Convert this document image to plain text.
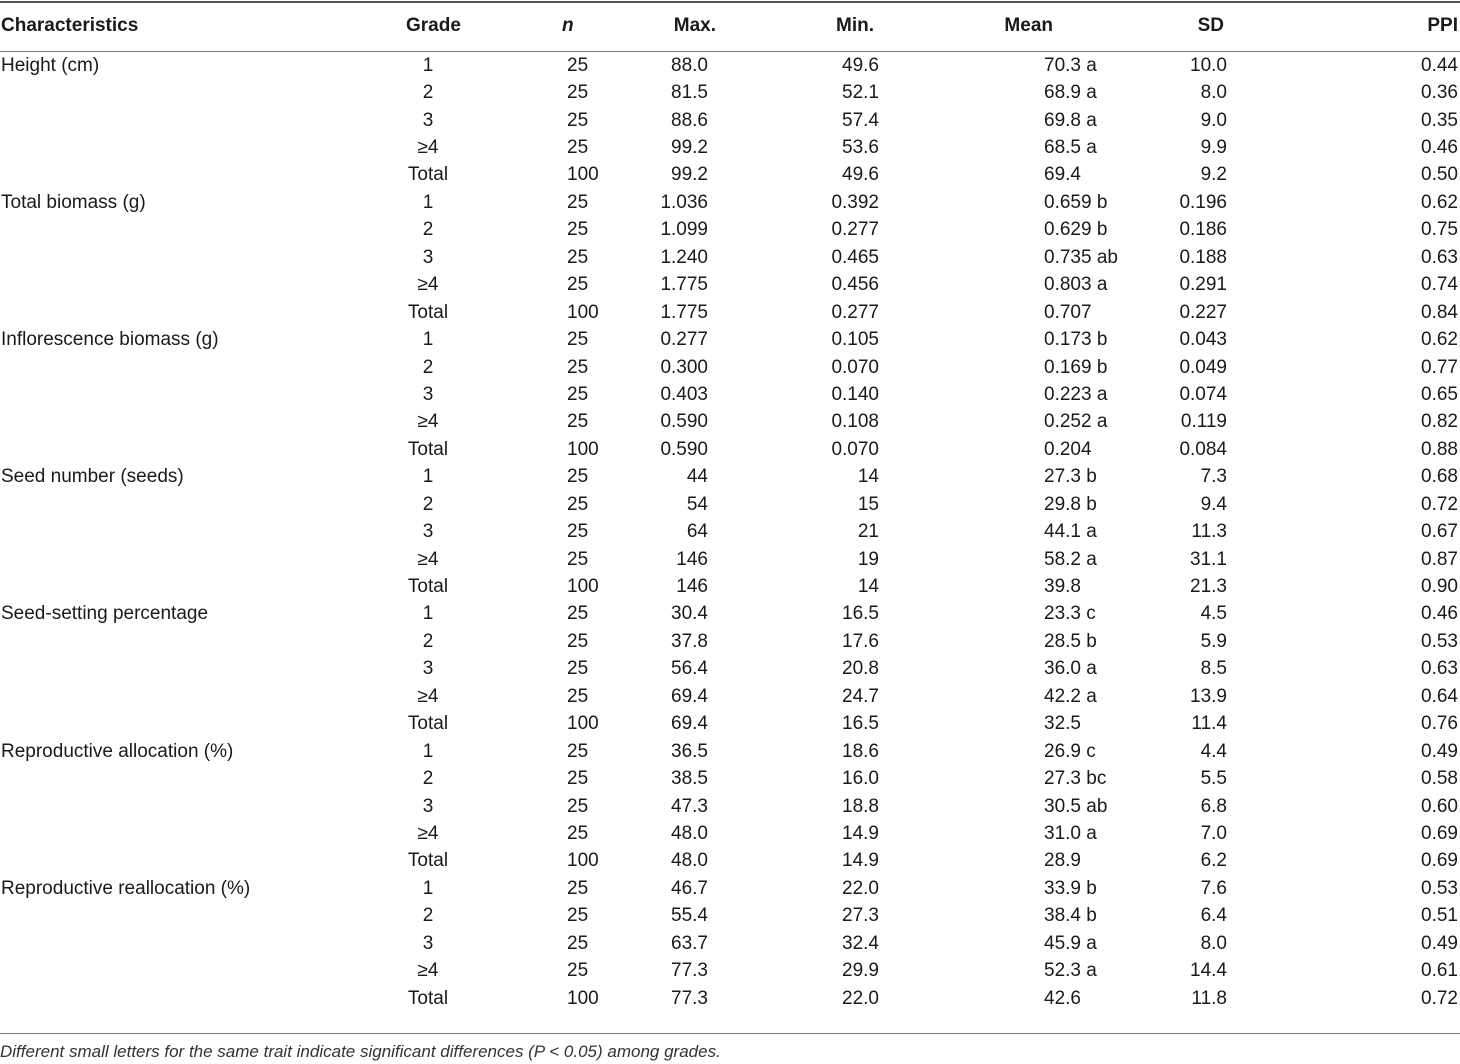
Characteristics	Grade	n	Max.	Min.	Mean	SD	PPI
Height (cm)	1	25	88.0	49.6	70.3 a	10.0	0.44
	2	25	81.5	52.1	68.9 a	8.0	0.36
	3	25	88.6	57.4	69.8 a	9.0	0.35
	≥4	25	99.2	53.6	68.5 a	9.9	0.46
	Total	100	99.2	49.6	69.4	9.2	0.50
Total biomass (g)	1	25	1.036	0.392	0.659 b	0.196	0.62
	2	25	1.099	0.277	0.629 b	0.186	0.75
	3	25	1.240	0.465	0.735 ab	0.188	0.63
	≥4	25	1.775	0.456	0.803 a	0.291	0.74
	Total	100	1.775	0.277	0.707	0.227	0.84
Inflorescence biomass (g)	1	25	0.277	0.105	0.173 b	0.043	0.62
	2	25	0.300	0.070	0.169 b	0.049	0.77
	3	25	0.403	0.140	0.223 a	0.074	0.65
	≥4	25	0.590	0.108	0.252 a	0.119	0.82
	Total	100	0.590	0.070	0.204	0.084	0.88
Seed number (seeds)	1	25	44	14	27.3 b	7.3	0.68
	2	25	54	15	29.8 b	9.4	0.72
	3	25	64	21	44.1 a	11.3	0.67
	≥4	25	146	19	58.2 a	31.1	0.87
	Total	100	146	14	39.8	21.3	0.90
Seed-setting percentage	1	25	30.4	16.5	23.3 c	4.5	0.46
	2	25	37.8	17.6	28.5 b	5.9	0.53
	3	25	56.4	20.8	36.0 a	8.5	0.63
	≥4	25	69.4	24.7	42.2 a	13.9	0.64
	Total	100	69.4	16.5	32.5	11.4	0.76
Reproductive allocation (%)	1	25	36.5	18.6	26.9 c	4.4	0.49
	2	25	38.5	16.0	27.3 bc	5.5	0.58
	3	25	47.3	18.8	30.5 ab	6.8	0.60
	≥4	25	48.0	14.9	31.0 a	7.0	0.69
	Total	100	48.0	14.9	28.9	6.2	0.69
Reproductive reallocation (%)	1	25	46.7	22.0	33.9 b	7.6	0.53
	2	25	55.4	27.3	38.4 b	6.4	0.51
	3	25	63.7	32.4	45.9 a	8.0	0.49
	≥4	25	77.3	29.9	52.3 a	14.4	0.61
	Total	100	77.3	22.0	42.6	11.8	0.72
Different small letters for the same trait indicate significant differences (P < 0.05) among grades.
